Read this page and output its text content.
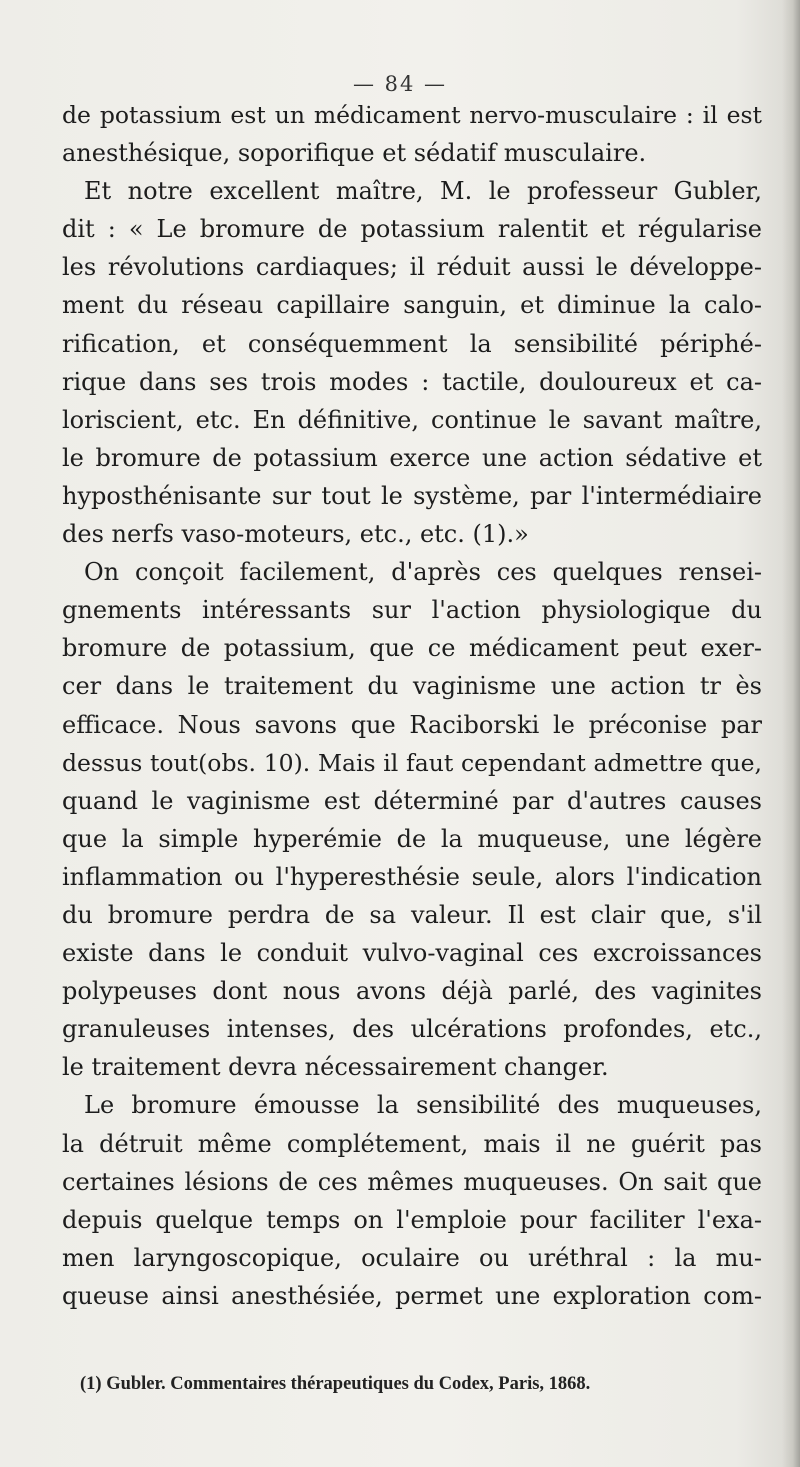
— 84 —
de potassium est un médicament nervo-musculaire : il est
anesthésique, soporifique et sédatif musculaire.
Et notre excellent maître, M. le professeur Gubler,
dit : « Le bromure de potassium ralentit et régularise
les révolutions cardiaques; il réduit aussi le développe-
ment du réseau capillaire sanguin, et diminue la calo-
rification, et conséquemment la sensibilité périphé-
rique dans ses trois modes : tactile, douloureux et ca-
loriscient, etc. En définitive, continue le savant maître,
le bromure de potassium exerce une action sédative et
hyposthénisante sur tout le système, par l'intermédiaire
des nerfs vaso-moteurs, etc., etc. (1).»
On conçoit facilement, d'après ces quelques rensei-
gnements intéressants sur l'action physiologique du
bromure de potassium, que ce médicament peut exer-
cer dans le traitement du vaginisme une action tr ès
efficace. Nous savons que Raciborski le préconise par
dessus tout(obs. 10). Mais il faut cependant admettre que,
quand le vaginisme est déterminé par d'autres causes
que la simple hyperémie de la muqueuse, une légère
inflammation ou l'hyperesthésie seule, alors l'indication
du bromure perdra de sa valeur. Il est clair que, s'il
existe dans le conduit vulvo-vaginal ces excroissances
polypeuses dont nous avons déjà parlé, des vaginites
granuleuses intenses, des ulcérations profondes, etc.,
le traitement devra nécessairement changer.
Le bromure émousse la sensibilité des muqueuses,
la détruit même complétement, mais il ne guérit pas
certaines lésions de ces mêmes muqueuses. On sait que
depuis quelque temps on l'emploie pour faciliter l'exa-
men laryngoscopique, oculaire ou uréthral : la mu-
queuse ainsi anesthésiée, permet une exploration com-
(1) Gubler. Commentaires thérapeutiques du Codex, Paris, 1868.
